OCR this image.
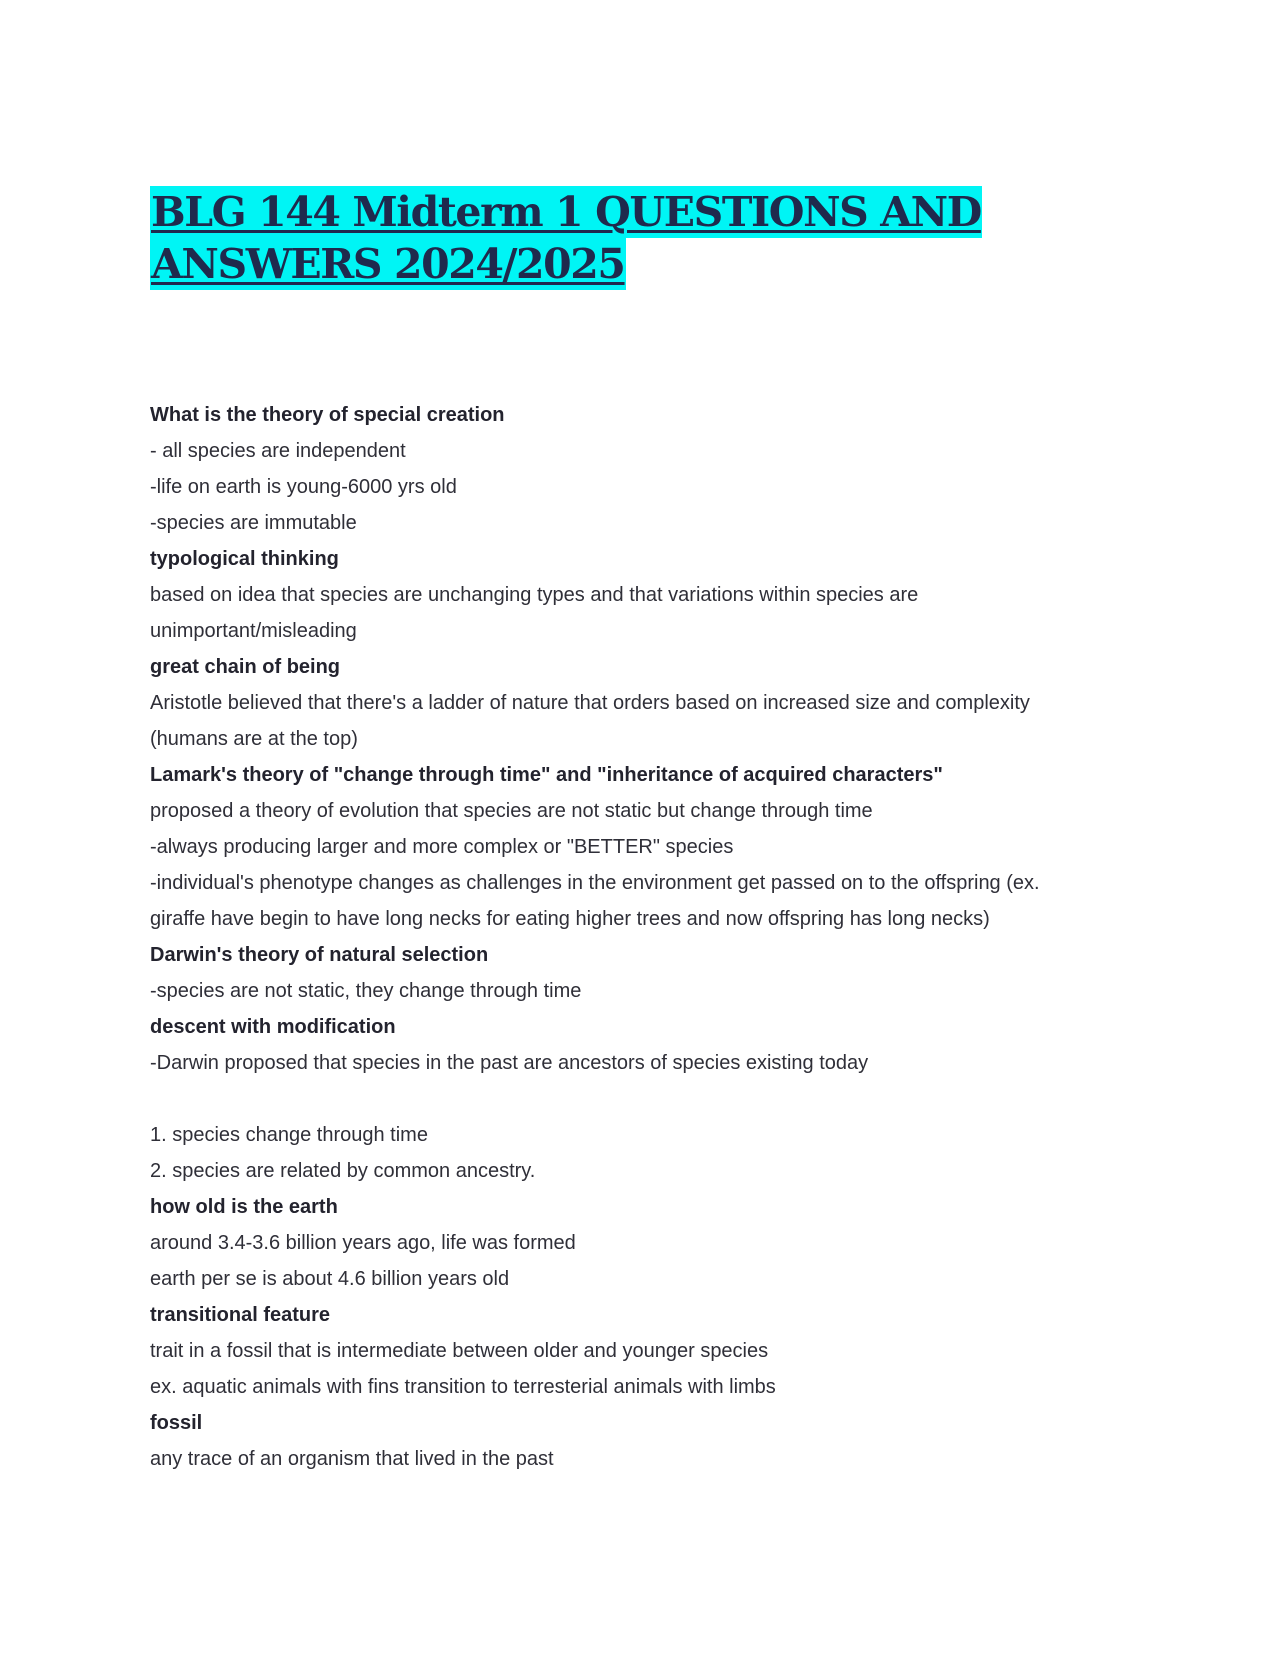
BLG 144 Midterm 1 QUESTIONS AND
ANSWERS 2024/2025
What is the theory of special creation
- all species are independent
-life on earth is young-6000 yrs old
-species are immutable
typological thinking
based on idea that species are unchanging types and that variations within species are
unimportant/misleading
great chain of being
Aristotle believed that there's a ladder of nature that orders based on increased size and complexity
(humans are at the top)
Lamark's theory of "change through time" and "inheritance of acquired characters"
proposed a theory of evolution that species are not static but change through time
-always producing larger and more complex or "BETTER" species
-individual's phenotype changes as challenges in the environment get passed on to the offspring (ex.
giraffe have begin to have long necks for eating higher trees and now offspring has long necks)
Darwin's theory of natural selection
-species are not static, they change through time
descent with modification
-Darwin proposed that species in the past are ancestors of species existing today
1. species change through time
2. species are related by common ancestry.
how old is the earth
around 3.4-3.6 billion years ago, life was formed
earth per se is about 4.6 billion years old
transitional feature
trait in a fossil that is intermediate between older and younger species
ex. aquatic animals with fins transition to terresterial animals with limbs
fossil
any trace of an organism that lived in the past
